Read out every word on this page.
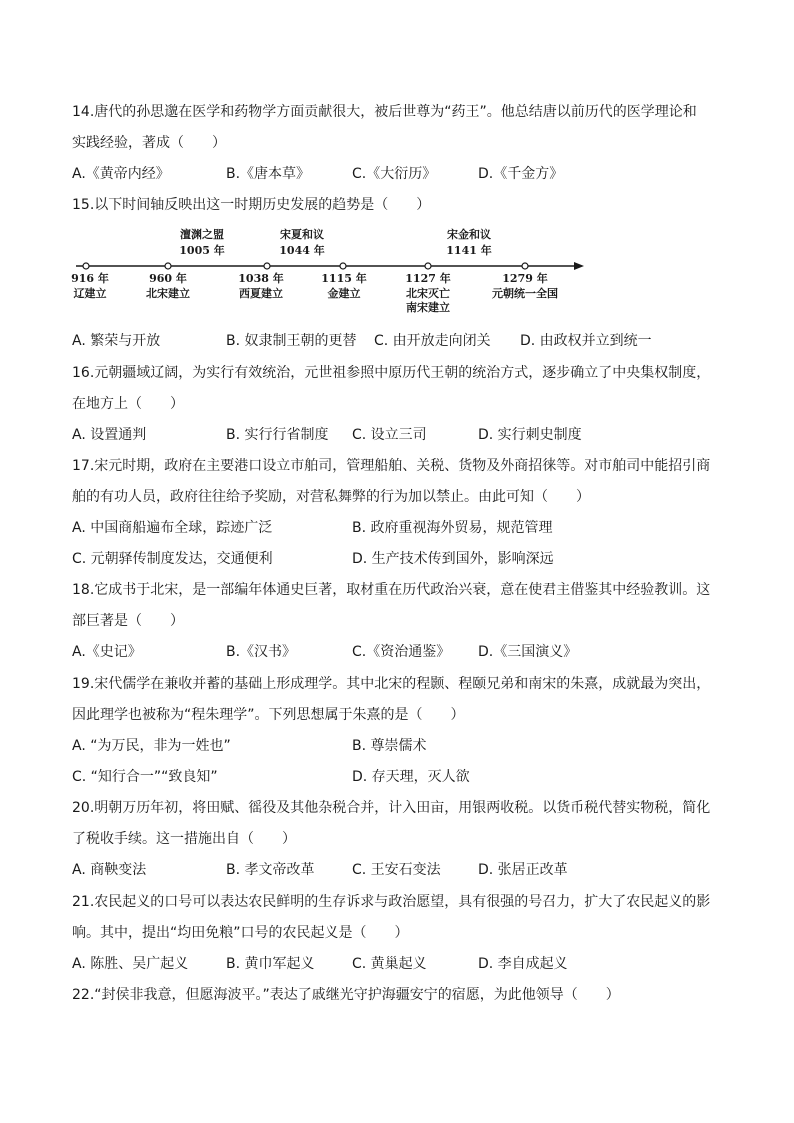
14.唐代的孙思邈在医学和药物学方面贡献很大，被后世尊为“药王”。他总结唐以前历代的医学理论和
实践经验，著成（　　）
A.《黄帝内经》	B.《唐本草》	C.《大衍历》	D.《千金方》
15.以下时间轴反映出这一时期历史发展的趋势是（　　）
澶渊之盟
1005 年
宋夏和议
1044 年
宋金和议
1141 年
916 年
辽建立
960 年
北宋建立
1038 年
西夏建立
1115 年
金建立
1127 年
北宋灭亡
南宋建立
1279 年
元朝统一全国
A. 繁荣与开放	B. 奴隶制王朝的更替 C. 由开放走向闭关 D. 由政权并立到统一
16.元朝疆域辽阔，为实行有效统治，元世祖参照中原历代王朝的统治方式，逐步确立了中央集权制度，
在地方上（　　）
A. 设置通判	B. 实行行省制度 C. 设立三司	D. 实行刺史制度
17.宋元时期，政府在主要港口设立市舶司，管理船舶、关税、货物及外商招徕等。对市舶司中能招引商
舶的有功人员，政府往往给予奖励，对营私舞弊的行为加以禁止。由此可知（　　）
A. 中国商船遍布全球，踪迹广泛	B. 政府重视海外贸易，规范管理
C. 元朝驿传制度发达，交通便利	D. 生产技术传到国外，影响深远
18.它成书于北宋，是一部编年体通史巨著，取材重在历代政治兴衰，意在使君主借鉴其中经验教训。这
部巨著是（　　）
A.《史记》	B.《汉书》	C.《资治通鉴》 D.《三国演义》
19.宋代儒学在兼收并蓄的基础上形成理学。其中北宋的程颢、程颐兄弟和南宋的朱熹，成就最为突出，
因此理学也被称为“程朱理学”。下列思想属于朱熹的是（　　）
A. “为万民，非为一姓也”	B. 尊崇儒术
C. “知行合一”“致良知”	D. 存天理，灭人欲
20.明朝万历年初，将田赋、徭役及其他杂税合并，计入田亩，用银两收税。以货币税代替实物税，简化
了税收手续。这一措施出自（　　）
A. 商鞅变法	B. 孝文帝改革	C. 王安石变法	D. 张居正改革
21.农民起义的口号可以表达农民鲜明的生存诉求与政治愿望，具有很强的号召力，扩大了农民起义的影
响。其中，提出“均田免粮”口号的农民起义是（　　）
A. 陈胜、吴广起义	B. 黄巾军起义	C. 黄巢起义	D. 李自成起义
22.“封侯非我意，但愿海波平。”表达了戚继光守护海疆安宁的宿愿，为此他领导（　　）
